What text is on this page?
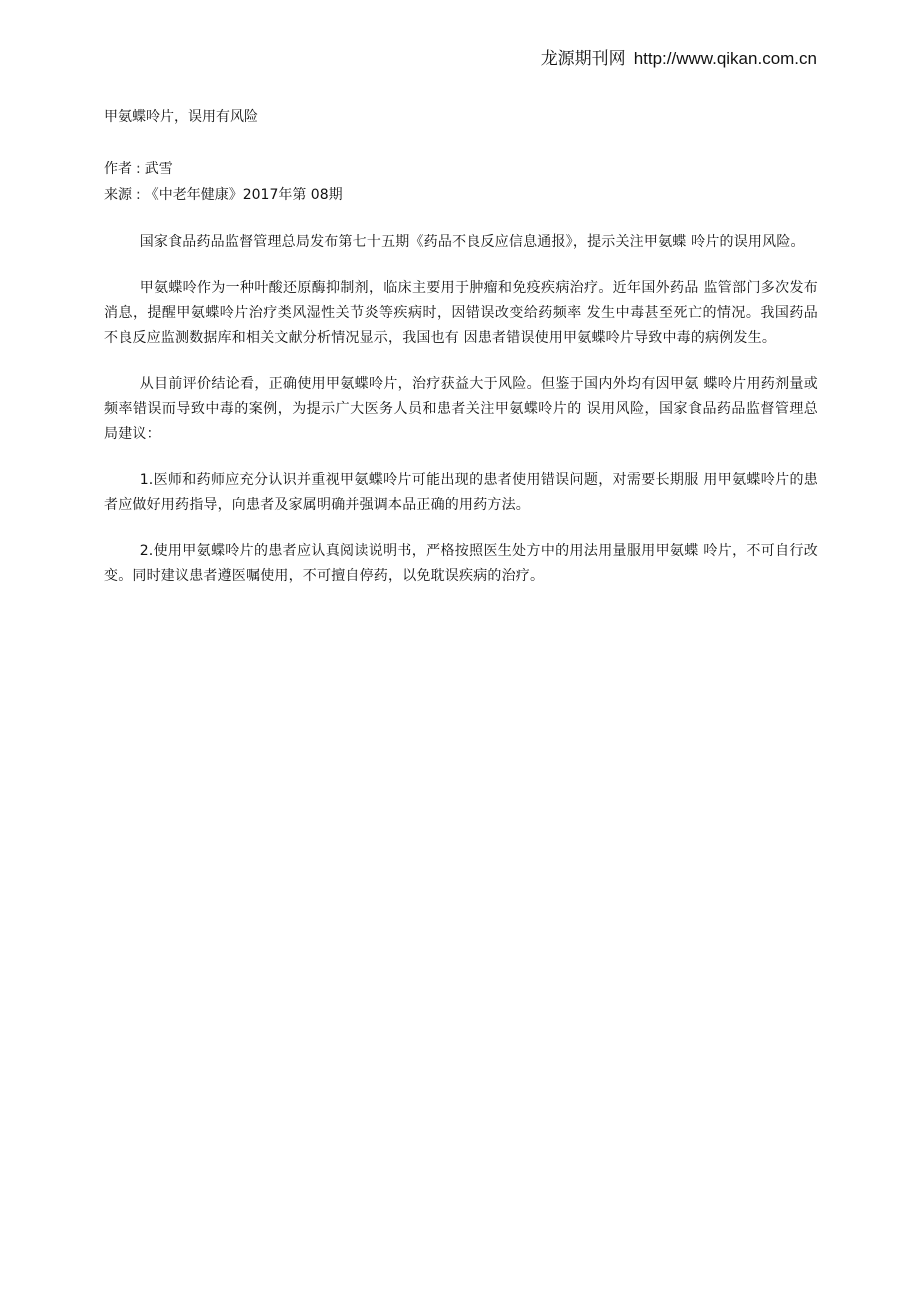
龙源期刊网 http://www.qikan.com.cn
甲氨蝶呤片，误用有风险
作者 : 武雪
来源 : 《中老年健康》2017年第 08期

国家食品药品监督管理总局发布第七十五期《药品不良反应信息通报》，提示关注甲氨蝶 呤片的误用风险。

甲氨蝶呤作为一种叶酸还原酶抑制剂，临床主要用于肿瘤和免疫疾病治疗。近年国外药品 监管部门多次发布消息，提醒甲氨蝶呤片治疗类风湿性关节炎等疾病时，因错误改变给药频率 发生中毒甚至死亡的情况。我国药品不良反应监测数据库和相关文献分析情况显示，我国也有 因患者错误使用甲氨蝶呤片导致中毒的病例发生。

从目前评价结论看，正确使用甲氨蝶呤片，治疗获益大于风险。但鉴于国内外均有因甲氨 蝶呤片用药剂量或频率错误而导致中毒的案例，为提示广大医务人员和患者关注甲氨蝶呤片的 误用风险，国家食品药品监督管理总局建议：

1.医师和药师应充分认识并重视甲氨蝶呤片可能出现的患者使用错误问题，对需要长期服 用甲氨蝶呤片的患者应做好用药指导，向患者及家属明确并强调本品正确的用药方法。

2.使用甲氨蝶呤片的患者应认真阅读说明书，严格按照医生处方中的用法用量服用甲氨蝶 呤片，不可自行改变。同时建议患者遵医嘱使用，不可擅自停药，以免耽误疾病的治疗。
